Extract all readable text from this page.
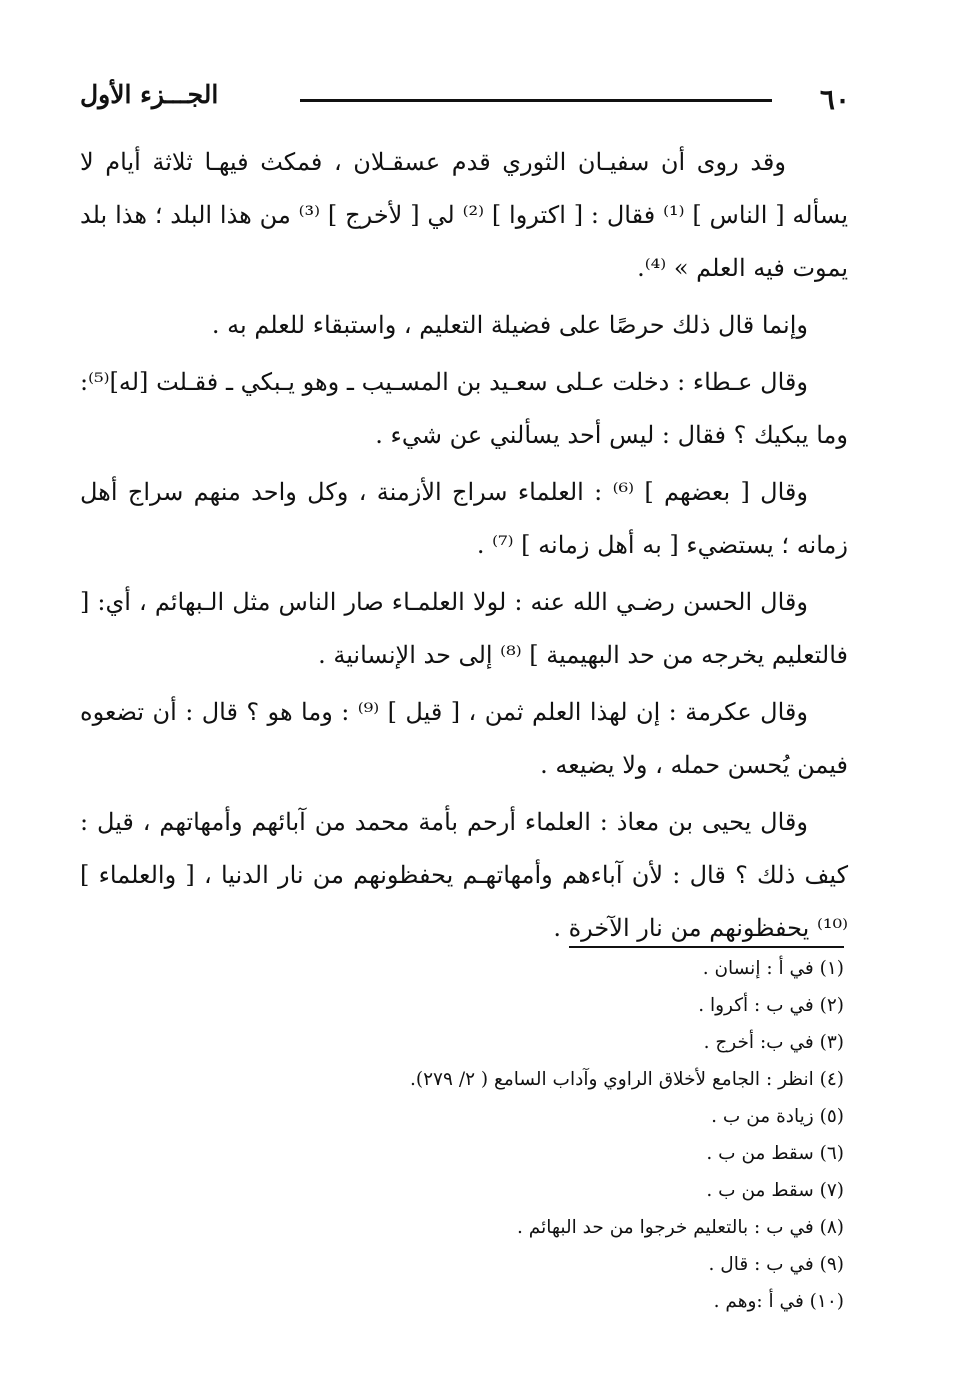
٦٠
الجـــزء الأول

وقد روى أن سفيـان الثوري قدم عسقـلان ، فمكث فيهـا ثلاثة أيام لا يسأله [ الناس ] ⁽¹⁾ فقال : [ اكتروا ] ⁽²⁾ لي [ لأخرج ] ⁽³⁾ من هذا البلد ؛ هذا بلد يموت فيه العلم » ⁽⁴⁾.

وإنما قال ذلك حرصًا على فضيلة التعليم ، واستبقاء للعلم به .

وقال عـطاء : دخلت عـلى سعـيد بن المسـيب ـ وهو يـبكي ـ فقـلت [له]⁽⁵⁾: وما يبكيك ؟ فقال : ليس أحد يسألني عن شيء .

وقال [ بعضهم ] ⁽⁶⁾ : العلماء سراج الأزمنة ، وكل واحد منهم سراج أهل زمانه ؛ يستضيء [ به أهل زمانه ] ⁽⁷⁾ .

وقال الحسن رضـي الله عنه : لولا العلمـاء صار الناس مثل الـبهائم ، أي: [ فالتعليم يخرجه من حد البهيمية ] ⁽⁸⁾ إلى حد الإنسانية .

وقال عكرمة : إن لهذا العلم ثمن ، [ قيل ] ⁽⁹⁾ : وما هو ؟ قال : أن تضعوه فيمن يُحسن حمله ، ولا يضيعه .

وقال يحيى بن معاذ : العلماء أرحم بأمة محمد من آبائهم وأمهاتهم ، قيل : كيف ذلك ؟ قال : لأن آباءهم وأمهاتهـم يحفظونهم من نار الدنيا ، [ والعلماء ] ⁽¹⁰⁾ يحفظونهم من نار الآخرة .

(١) في أ : إنسان .

(٢) في ب : أكروا .

(٣) في ب: أخرج .

(٤) انظر : الجامع لأخلاق الراوي وآداب السامع ( ٢/ ٢٧٩).

(٥) زيادة من ب .

(٦) سقط من ب .

(٧) سقط من ب .

(٨) في ب : بالتعليم خرجوا من حد البهائم .

(٩) في ب : قال .

(١٠) في أ :وهم .
